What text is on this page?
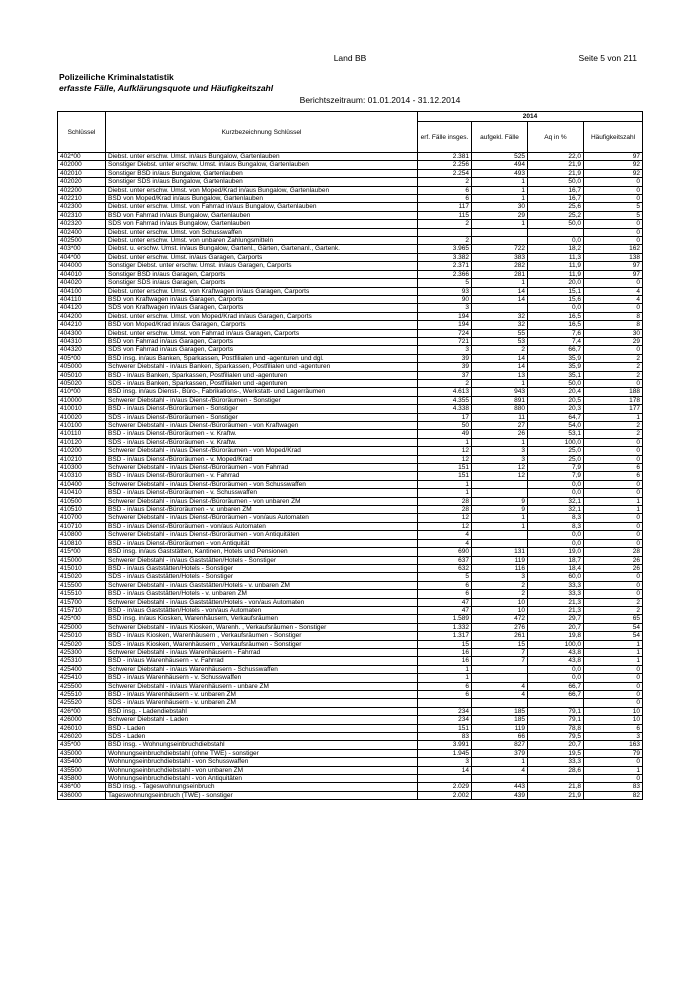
Land BB	Seite 5 von 211
Polizeiliche Kriminalstatistik
erfasste Fälle, Aufklärungsquote und Häufigkeitszahl
Berichtszeitraum: 01.01.2014 - 31.12.2014
Schlüssel	Kurzbezeichnung Schlüssel	2014			
		erf. Fälle insges.	aufgekl. Fälle	Aq in %	Häufigkeitszahl
402*00	Diebst. unter erschw. Umst. in/aus Bungalow, Gartenlauben	2.381	525	22,0	97
402000	Sonstiger Diebst. unter erschw. Umst. in/aus Bungalow, Gartenlauben	2.256	494	21,9	92
402010	Sonstiger BSD in/aus Bungalow, Gartenlauben	2.254	493	21,9	92
402020	Sonstiger SDS in/aus Bungalow, Gartenlauben	2	1	50,0	0
402200	Diebst. unter erschw. Umst. von Moped/Krad in/aus Bungalow, Gartenlauben	6	1	16,7	0
402210	BSD von Moped/Krad in/aus Bungalow, Gartenlauben	6	1	16,7	0
402300	Diebst. unter erschw. Umst. von Fahrrad in/aus Bungalow, Gartenlauben	117	30	25,6	5
402310	BSD von Fahrrad in/aus Bungalow, Gartenlauben	115	29	25,2	5
402320	SDS von Fahrrad in/aus Bungalow, Gartenlauben	2	1	50,0	0
402400	Diebst. unter erschw. Umst. von Schusswaffen				0
402500	Diebst. unter erschw. Umst. von unbaren Zahlungsmitteln	2		0,0	0
403*00	Diebst. u. erschw. Umst. in/aus Bungalow, Gartenl., Gärten, Gartenanl., Gartenk.	3.965	722	18,2	162
404*00	Diebst. unter erschw. Umst. in/aus Garagen, Carports	3.382	383	11,3	138
404000	Sonstiger Diebst. unter erschw. Umst. in/aus Garagen, Carports	2.371	282	11,9	97
404010	Sonstiger BSD in/aus Garagen, Carports	2.366	281	11,9	97
404020	Sonstiger SDS in/aus Garagen, Carports	5	1	20,0	0
404100	Diebst. unter erschw. Umst. von Kraftwagen in/aus Garagen, Carports	93	14	15,1	4
404110	BSD von Kraftwagen in/aus Garagen, Carports	90	14	15,6	4
404120	SDS von Kraftwagen in/aus Garagen, Carports	3		0,0	0
404200	Diebst. unter erschw. Umst. von Moped/Krad in/aus Garagen, Carports	194	32	16,5	8
404210	BSD von Moped/Krad in/aus Garagen, Carports	194	32	16,5	8
404300	Diebst. unter erschw. Umst. von Fahrrad in/aus Garagen, Carports	724	55	7,6	30
404310	BSD von Fahrrad in/aus Garagen, Carports	721	53	7,4	29
404320	SDS von Fahrrad in/aus Garagen, Carports	3	2	66,7	0
405*00	BSD insg. in/aus Banken, Sparkassen, Postfilialen und -agenturen und dgl.	39	14	35,9	2
405000	Schwerer Diebstahl - in/aus Banken, Sparkassen, Postfilialen und -agenturen	39	14	35,9	2
405010	BSD - in/aus Banken, Sparkassen, Postfilialen und -agenturen	37	13	35,1	2
405020	SDS - in/aus Banken, Sparkassen, Postfilialen und -agenturen	2	1	50,0	0
410*00	BSD insg. in/aus Dienst-, Büro-, Fabrikations-, Werkstatt- und Lagerräumen	4.613	943	20,4	188
410000	Schwerer Diebstahl - in/aus Dienst-/Büroräumen - Sonstiger	4.355	891	20,5	178
410010	BSD - in/aus Dienst-/Büroräumen - Sonstiger	4.338	880	20,3	177
410020	SDS - in/aus Dienst-/Büroräumen - Sonstiger	17	11	64,7	1
410100	Schwerer Diebstahl - in/aus Dienst-/Büroräumen - von Kraftwagen	50	27	54,0	2
410110	BSD - in/aus Dienst-/Büroräumen - v. Kraftw.	49	26	53,1	2
410120	SDS - in/aus Dienst-/Büroräumen - v. Kraftw.	1	1	100,0	0
410200	Schwerer Diebstahl - in/aus Dienst-/Büroräumen - von Moped/Krad	12	3	25,0	0
410210	BSD - in/aus Dienst-/Büroräumen - v. Moped/Krad	12	3	25,0	0
410300	Schwerer Diebstahl - in/aus Dienst-/Büroräumen - von Fahrrad	151	12	7,9	6
410310	BSD - in/aus Dienst-/Büroräumen - v. Fahrrad	151	12	7,9	6
410400	Schwerer Diebstahl - in/aus Dienst-/Büroräumen - von Schusswaffen	1		0,0	0
410410	BSD - in/aus Dienst-/Büroräumen - v. Schusswaffen	1		0,0	0
410500	Schwerer Diebstahl - in/aus Dienst-/Büroräumen - von unbaren ZM	28	9	32,1	1
410510	BSD - in/aus Dienst-/Büroräumen - v. unbaren ZM	28	9	32,1	1
410700	Schwerer Diebstahl - in/aus Dienst-/Büroräumen - von/aus Automaten	12	1	8,3	0
410710	BSD - in/aus Dienst-/Büroräumen - von/aus Automaten	12	1	8,3	0
410800	Schwerer Diebstahl - in/aus Dienst-/Büroräumen - von Antiquitäten	4		0,0	0
410810	BSD - in/aus Dienst-/Büroräumen - von Antiquität	4		0,0	0
415*00	BSD insg. in/aus Gaststätten, Kantinen, Hotels und Pensionen	690	131	19,0	28
415000	Schwerer Diebstahl - in/aus Gaststätten/Hotels - Sonstiger	637	119	18,7	26
415010	BSD - in/aus Gaststätten/Hotels - Sonstiger	632	116	18,4	26
415020	SDS - in/aus Gaststätten/Hotels - Sonstiger	5	3	60,0	0
415500	Schwerer Diebstahl - in/aus Gaststätten/Hotels - v. unbaren ZM	6	2	33,3	0
415510	BSD - in/aus Gaststätten/Hotels - v. unbaren ZM	6	2	33,3	0
415700	Schwerer Diebstahl - in/aus Gaststätten/Hotels - von/aus Automaten	47	10	21,3	2
415710	BSD - in/aus Gaststätten/Hotels - von/aus Automaten	47	10	21,3	2
425*00	BSD insg. in/aus Kiosken, Warenhäusern, Verkaufsräumen	1.589	472	29,7	65
425000	Schwerer Diebstahl - in/aus Kiosken, Warenh. , Verkaufsräumen - Sonstiger	1.332	276	20,7	54
425010	BSD - in/aus Kiosken, Warenhäusern , Verkaufsräumen - Sonstiger	1.317	261	19,8	54
425020	SDS - in/aus Kiosken, Warenhäusern , Verkaufsräumen - Sonstiger	15	15	100,0	1
425300	Schwerer Diebstahl - in/aus Warenhäusern - Fahrrad	16	7	43,8	1
425310	BSD - in/aus Warenhäusern - v. Fahrrad	16	7	43,8	1
425400	Schwerer Diebstahl - in/aus Warenhäusern - Schusswaffen	1		0,0	0
425410	BSD - in/aus Warenhäusern - v. Schusswaffen	1		0,0	0
425500	Schwerer Diebstahl - in/aus Warenhäusern - unbare ZM	6	4	66,7	0
425510	BSD - in/aus Warenhäusern - v. unbaren ZM	6	4	66,7	0
425520	SDS - in/aus Warenhäusern - v. unbaren ZM				0
426*00	BSD insg. - Ladendiebstahl	234	185	79,1	10
426000	Schwerer Diebstahl - Laden	234	185	79,1	10
426010	BSD - Laden	151	119	78,8	6
426020	SDS - Laden	83	66	79,5	3
435*00	BSD insg. - Wohnungseinbruchdiebstahl	3.991	827	20,7	163
435000	Wohnungseinbruchdiebstahl (ohne TWE) - sonstiger	1.945	379	19,5	79
435400	Wohnungseinbruchdiebstahl - von Schusswaffen	3	1	33,3	0
435500	Wohnungseinbruchdiebstahl - von unbaren ZM	14	4	28,6	1
435800	Wohnungseinbruchdiebstahl - von Antiquitäten				0
436*00	BSD insg. - Tageswohnungseinbruch	2.029	443	21,8	83
436000	Tageswohnungseinbruch (TWE) - sonstiger	2.002	439	21,9	82
